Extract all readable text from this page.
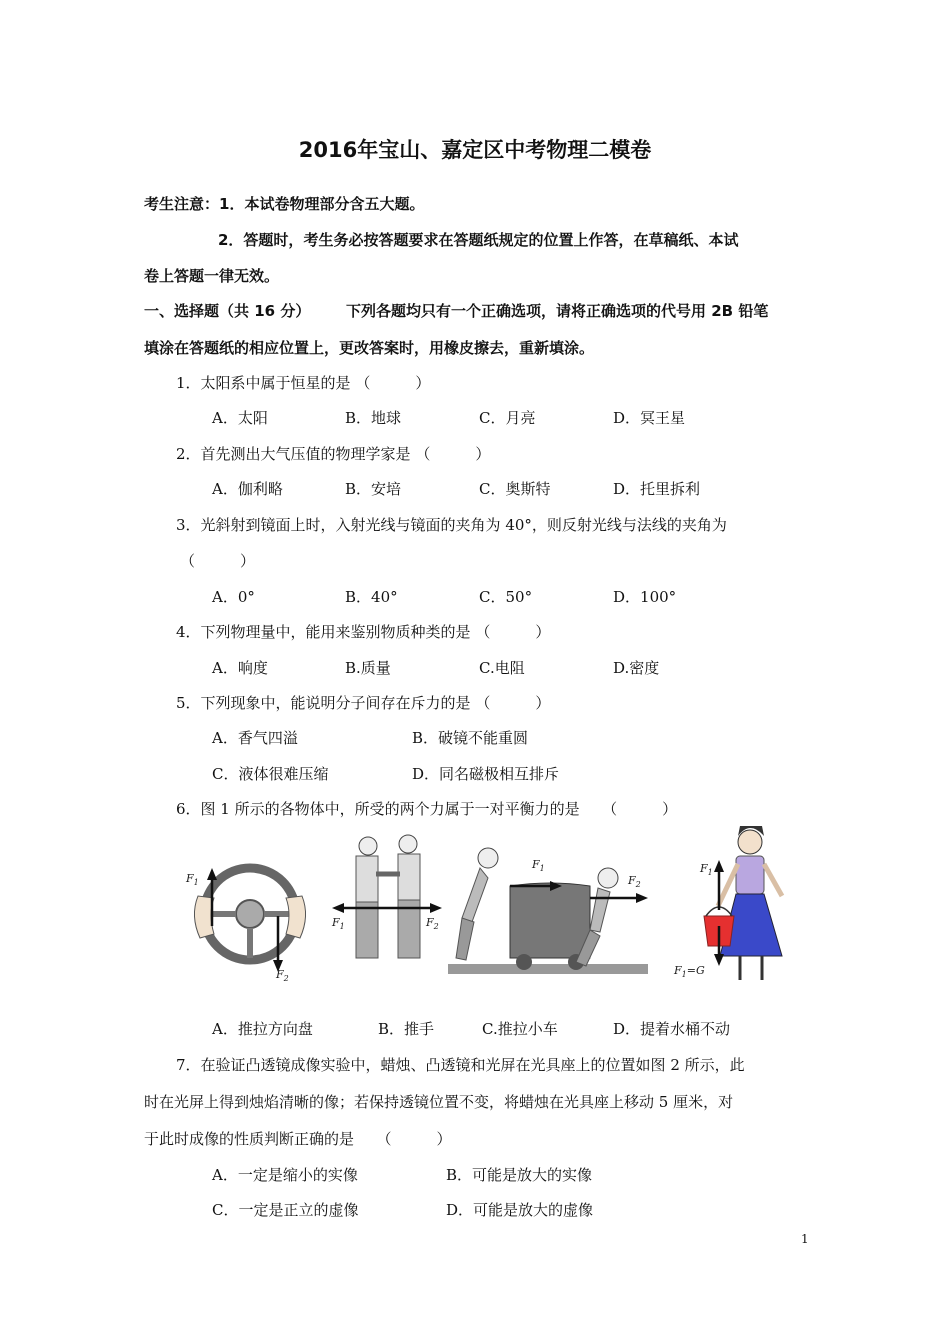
2016年宝山、嘉定区中考物理二模卷
考生注意：1．本试卷物理部分含五大题。
2．答题时，考生务必按答题要求在答题纸规定的位置上作答，在草稿纸、本试
卷上答题一律无效。
一、选择题（共 16 分） 下列各题均只有一个正确选项，请将正确选项的代号用 2B 铅笔
填涂在答题纸的相应位置上，更改答案时，用橡皮擦去，重新填涂。
1．太阳系中属于恒星的是 （　　　）
A．太阳	B．地球	C．月亮	D．冥王星
2．首先测出大气压值的物理学家是 （　　　）
A．伽利略	B．安培	C．奥斯特	D．托里拆利
3．光斜射到镜面上时，入射光线与镜面的夹角为 40°，则反射光线与法线的夹角为
（　　　）
A．0°	B．40°	C．50°	D．100°
4．下列物理量中，能用来鉴别物质种类的是 （　　　）
A．响度	B.质量	C.电阻	D.密度
5．下列现象中，能说明分子间存在斥力的是 （　　　）
A．香气四溢	B．破镜不能重圆
C．液体很难压缩	D．同名磁极相互排斥
6．图 1 所示的各物体中，所受的两个力属于一对平衡力的是　　（　　　）
$F_1$
$F_2$
$F_1$	$F_2$
$F_1$
$F_2$
$F_1$
$F_1=G$
A．推拉方向盘	B．推手	C.推拉小车	D．提着水桶不动
7．在验证凸透镜成像实验中，蜡烛、凸透镜和光屏在光具座上的位置如图 2 所示，此
时在光屏上得到烛焰清晰的像；若保持透镜位置不变，将蜡烛在光具座上移动 5 厘米，对
于此时成像的性质判断正确的是　　（　　　）
A．一定是缩小的实像	B．可能是放大的实像
C．一定是正立的虚像	D．可能是放大的虚像
1
